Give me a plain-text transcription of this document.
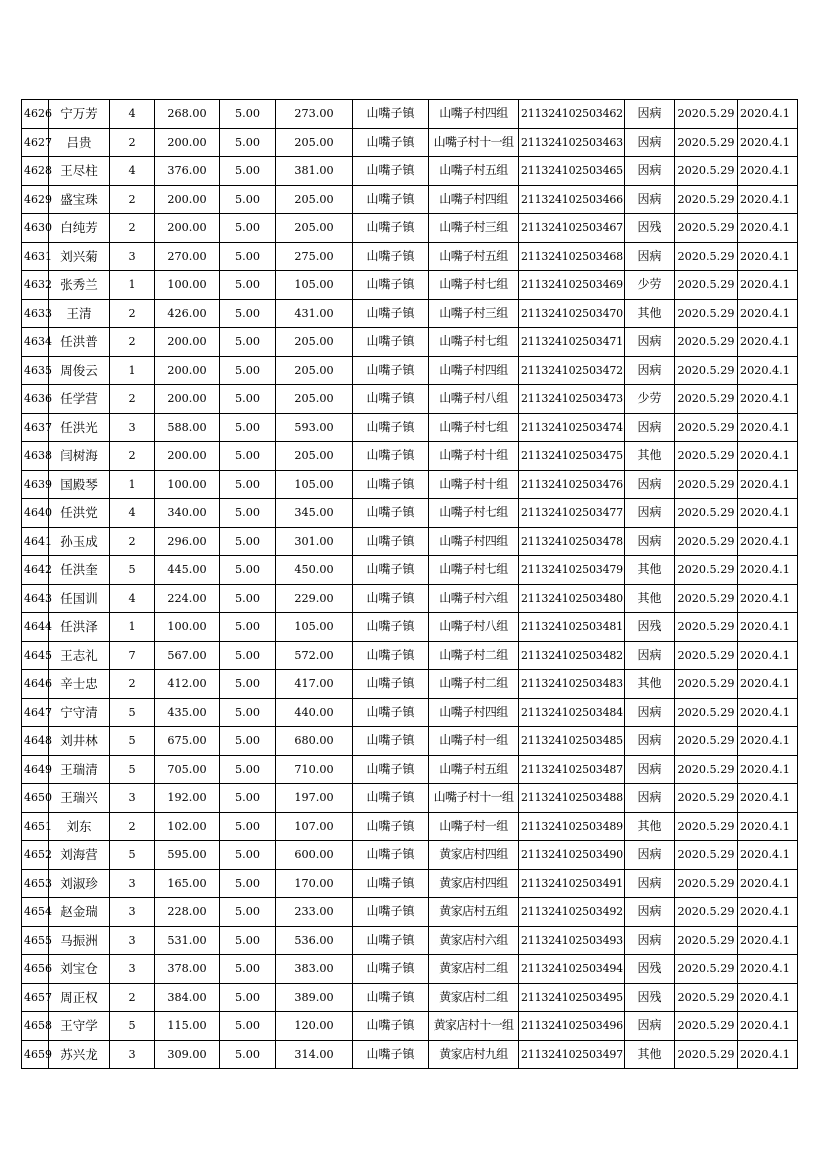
4626	宁万芳	4	268.00	5.00	273.00	山嘴子镇	山嘴子村四组	211324102503462	因病	2020.5.29	2020.4.1
4627	吕贵	2	200.00	5.00	205.00	山嘴子镇	山嘴子村十一组	211324102503463	因病	2020.5.29	2020.4.1
4628	王尽柱	4	376.00	5.00	381.00	山嘴子镇	山嘴子村五组	211324102503465	因病	2020.5.29	2020.4.1
4629	盛宝珠	2	200.00	5.00	205.00	山嘴子镇	山嘴子村四组	211324102503466	因病	2020.5.29	2020.4.1
4630	白纯芳	2	200.00	5.00	205.00	山嘴子镇	山嘴子村三组	211324102503467	因残	2020.5.29	2020.4.1
4631	刘兴菊	3	270.00	5.00	275.00	山嘴子镇	山嘴子村五组	211324102503468	因病	2020.5.29	2020.4.1
4632	张秀兰	1	100.00	5.00	105.00	山嘴子镇	山嘴子村七组	211324102503469	少劳	2020.5.29	2020.4.1
4633	王清	2	426.00	5.00	431.00	山嘴子镇	山嘴子村三组	211324102503470	其他	2020.5.29	2020.4.1
4634	任洪普	2	200.00	5.00	205.00	山嘴子镇	山嘴子村七组	211324102503471	因病	2020.5.29	2020.4.1
4635	周俊云	1	200.00	5.00	205.00	山嘴子镇	山嘴子村四组	211324102503472	因病	2020.5.29	2020.4.1
4636	任学营	2	200.00	5.00	205.00	山嘴子镇	山嘴子村八组	211324102503473	少劳	2020.5.29	2020.4.1
4637	任洪光	3	588.00	5.00	593.00	山嘴子镇	山嘴子村七组	211324102503474	因病	2020.5.29	2020.4.1
4638	闫树海	2	200.00	5.00	205.00	山嘴子镇	山嘴子村十组	211324102503475	其他	2020.5.29	2020.4.1
4639	国殿琴	1	100.00	5.00	105.00	山嘴子镇	山嘴子村十组	211324102503476	因病	2020.5.29	2020.4.1
4640	任洪党	4	340.00	5.00	345.00	山嘴子镇	山嘴子村七组	211324102503477	因病	2020.5.29	2020.4.1
4641	孙玉成	2	296.00	5.00	301.00	山嘴子镇	山嘴子村四组	211324102503478	因病	2020.5.29	2020.4.1
4642	任洪奎	5	445.00	5.00	450.00	山嘴子镇	山嘴子村七组	211324102503479	其他	2020.5.29	2020.4.1
4643	任国训	4	224.00	5.00	229.00	山嘴子镇	山嘴子村六组	211324102503480	其他	2020.5.29	2020.4.1
4644	任洪泽	1	100.00	5.00	105.00	山嘴子镇	山嘴子村八组	211324102503481	因残	2020.5.29	2020.4.1
4645	王志礼	7	567.00	5.00	572.00	山嘴子镇	山嘴子村二组	211324102503482	因病	2020.5.29	2020.4.1
4646	辛士忠	2	412.00	5.00	417.00	山嘴子镇	山嘴子村二组	211324102503483	其他	2020.5.29	2020.4.1
4647	宁守清	5	435.00	5.00	440.00	山嘴子镇	山嘴子村四组	211324102503484	因病	2020.5.29	2020.4.1
4648	刘井林	5	675.00	5.00	680.00	山嘴子镇	山嘴子村一组	211324102503485	因病	2020.5.29	2020.4.1
4649	王瑞清	5	705.00	5.00	710.00	山嘴子镇	山嘴子村五组	211324102503487	因病	2020.5.29	2020.4.1
4650	王瑞兴	3	192.00	5.00	197.00	山嘴子镇	山嘴子村十一组	211324102503488	因病	2020.5.29	2020.4.1
4651	刘东	2	102.00	5.00	107.00	山嘴子镇	山嘴子村一组	211324102503489	其他	2020.5.29	2020.4.1
4652	刘海营	5	595.00	5.00	600.00	山嘴子镇	黄家店村四组	211324102503490	因病	2020.5.29	2020.4.1
4653	刘淑珍	3	165.00	5.00	170.00	山嘴子镇	黄家店村四组	211324102503491	因病	2020.5.29	2020.4.1
4654	赵金瑞	3	228.00	5.00	233.00	山嘴子镇	黄家店村五组	211324102503492	因病	2020.5.29	2020.4.1
4655	马振洲	3	531.00	5.00	536.00	山嘴子镇	黄家店村六组	211324102503493	因病	2020.5.29	2020.4.1
4656	刘宝仓	3	378.00	5.00	383.00	山嘴子镇	黄家店村二组	211324102503494	因残	2020.5.29	2020.4.1
4657	周正权	2	384.00	5.00	389.00	山嘴子镇	黄家店村二组	211324102503495	因残	2020.5.29	2020.4.1
4658	王守学	5	115.00	5.00	120.00	山嘴子镇	黄家店村十一组	211324102503496	因病	2020.5.29	2020.4.1
4659	苏兴龙	3	309.00	5.00	314.00	山嘴子镇	黄家店村九组	211324102503497	其他	2020.5.29	2020.4.1
